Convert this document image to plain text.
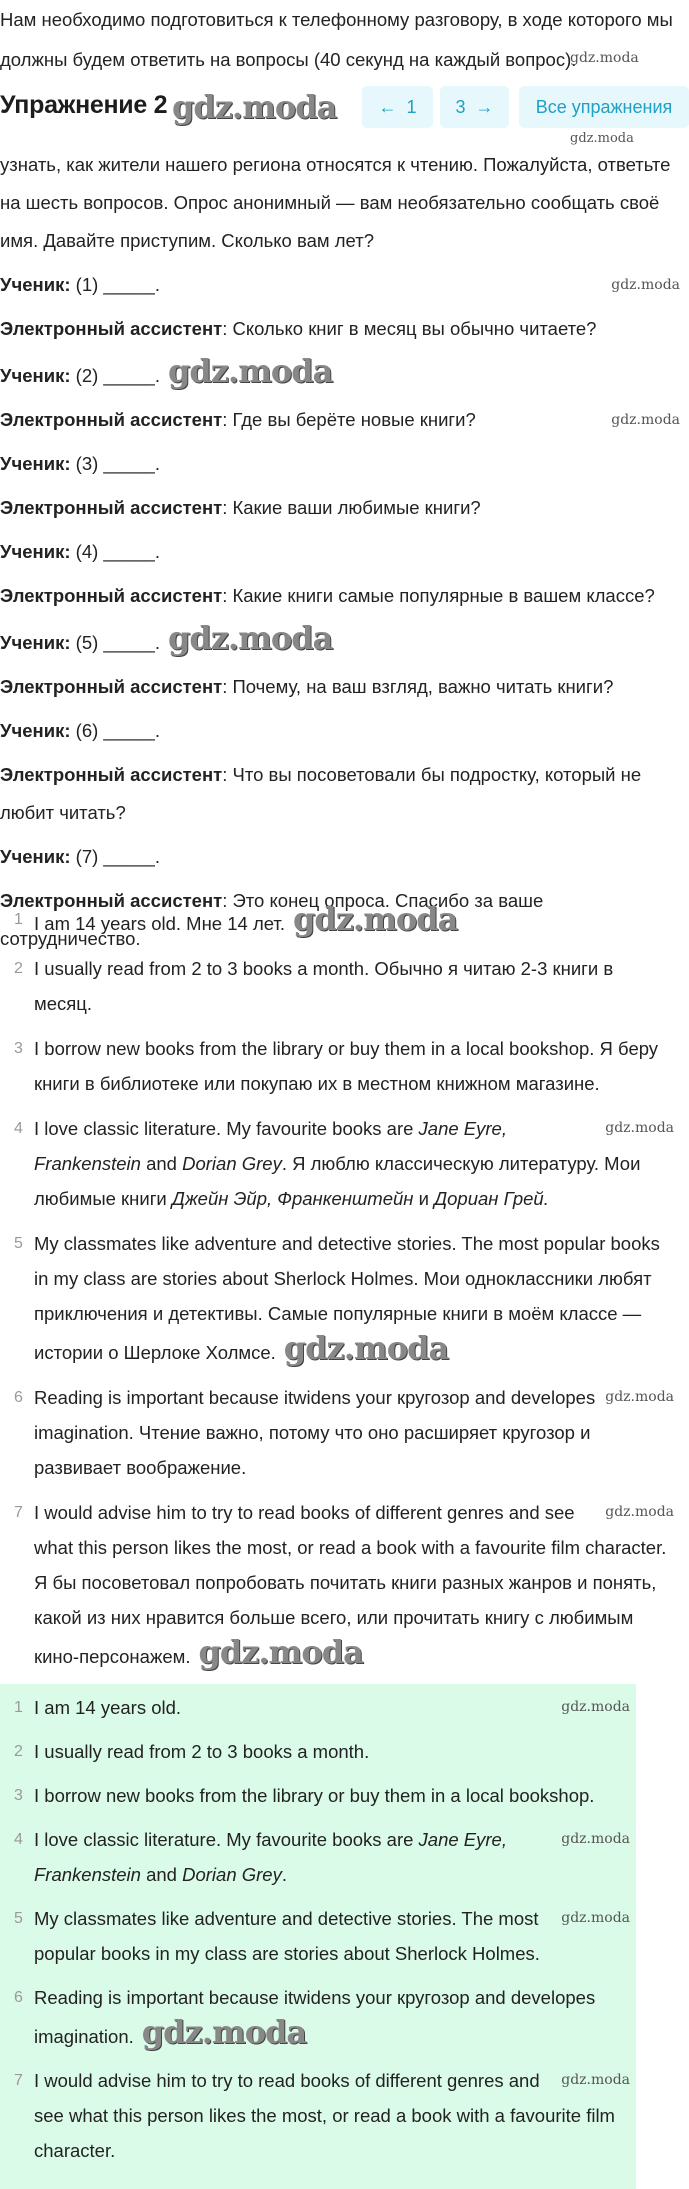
Нам необходимо подготовиться к телефонному разговору, в ходе которого мы должны будем ответить на вопросы (40 секунд на каждый вопрос).
gdz.moda
Упражнение 2 gdz.moda ← 1 3 → Все упражнения
gdz.moda
узнать, как жители нашего региона относятся к чтению. Пожалуйста, ответьте на шесть вопросов. Опрос анонимный — вам необязательно сообщать своё имя. Давайте приступим. Сколько вам лет?

gdz.moda
Ученик: (1) _____.

Электронный ассистент: Сколько книг в месяц вы обычно читаете?

Ученик: (2) _____. gdz.moda

gdz.moda
Электронный ассистент: Где вы берёте новые книги?

Ученик: (3) _____.

Электронный ассистент: Какие ваши любимые книги?

Ученик: (4) _____.

Электронный ассистент: Какие книги самые популярные в вашем классе?

Ученик: (5) _____. gdz.moda

Электронный ассистент: Почему, на ваш взгляд, важно читать книги?

Ученик: (6) _____.

Электронный ассистент: Что вы посоветовали бы подростку, который не любит читать?

Ученик: (7) _____.

Электронный ассистент: Это конец опроса. Спасибо за ваше сотрудничество.

1 I am 14 years old. Мне 14 лет. gdz.moda
2 I usually read from 2 to 3 books a month. Обычно я читаю 2-3 книги в месяц.
3 I borrow new books from the library or buy them in a local bookshop. Я беру книги в библиотеке или покупаю их в местном книжном магазине.
4	gdz.moda
I love classic literature. My favourite books are Jane Eyre, Frankenstein and Dorian Grey. Я люблю классическую литературу. Мои любимые книги Джейн Эйр, Франкенштейн и Дориан Грей.
5 My classmates like adventure and detective stories. The most popular books in my class are stories about Sherlock Holmes. Мои одноклассники любят приключения и детективы. Самые популярные книги в моём классе — истории о Шерлоке Холмсе. gdz.moda
6	gdz.moda
Reading is important because itwidens your кругозор and developes imagination. Чтение важно, потому что оно расширяет кругозор и развивает воображение.
7	gdz.moda
I would advise him to try to read books of different genres and see what this person likes the most, or read a book with a favourite film character. Я бы посоветовал попробовать почитать книги разных жанров и понять, какой из них нравится больше всего, или прочитать книгу с любимым кино-персонажем. gdz.moda
1	gdz.moda
I am 14 years old.
2 I usually read from 2 to 3 books a month.
3 I borrow new books from the library or buy them in a local bookshop.
4	gdz.moda
I love classic literature. My favourite books are Jane Eyre, Frankenstein and Dorian Grey.
5	gdz.moda
My classmates like adventure and detective stories. The most popular books in my class are stories about Sherlock Holmes.
6 Reading is important because itwidens your кругозор and developes imagination. gdz.moda
7	gdz.moda
I would advise him to try to read books of different genres and see what this person likes the most, or read a book with a favourite film character.
